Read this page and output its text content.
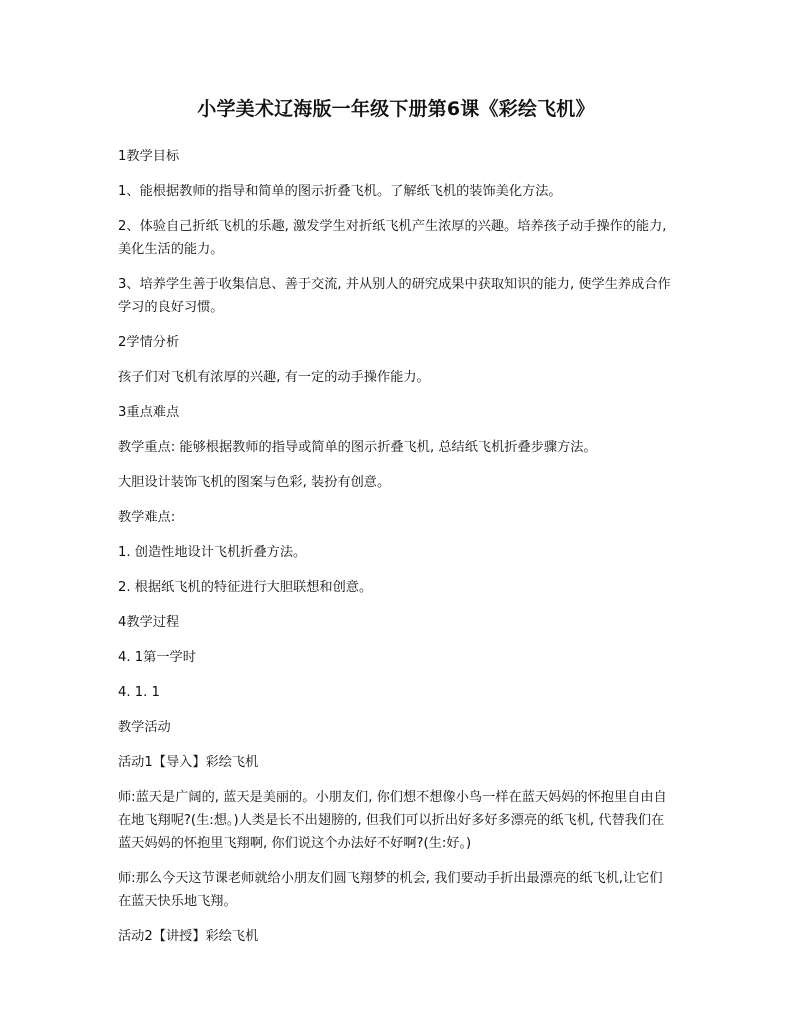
小学美术辽海版一年级下册第6课《彩绘飞机》

1教学目标

1、能根据教师的指导和简单的图示折叠飞机。了解纸飞机的装饰美化方法。

2、体验自己折纸飞机的乐趣, 激发学生对折纸飞机产生浓厚的兴趣。培养孩子动手操作的能力, 美化生活的能力。

3、培养学生善于收集信息、善于交流, 并从别人的研究成果中获取知识的能力, 使学生养成合作学习的良好习惯。

2学情分析

孩子们对飞机有浓厚的兴趣, 有一定的动手操作能力。

3重点难点

教学重点: 能够根据教师的指导或简单的图示折叠飞机, 总结纸飞机折叠步骤方法。

大胆设计装饰飞机的图案与色彩, 装扮有创意。

教学难点:

1. 创造性地设计飞机折叠方法。

2. 根据纸飞机的特征进行大胆联想和创意。

4教学过程

4. 1第一学时

4. 1. 1

教学活动

活动1【导入】彩绘飞机

师:蓝天是广阔的, 蓝天是美丽的。小朋友们, 你们想不想像小鸟一样在蓝天妈妈的怀抱里自由自在地飞翔呢?(生:想。)人类是长不出翅膀的, 但我们可以折出好多好多漂亮的纸飞机, 代替我们在蓝天妈妈的怀抱里飞翔啊, 你们说这个办法好不好啊?(生:好。)

师:那么今天这节课老师就给小朋友们圆飞翔梦的机会, 我们要动手折出最漂亮的纸飞机,让它们在蓝天快乐地飞翔。

活动2【讲授】彩绘飞机
